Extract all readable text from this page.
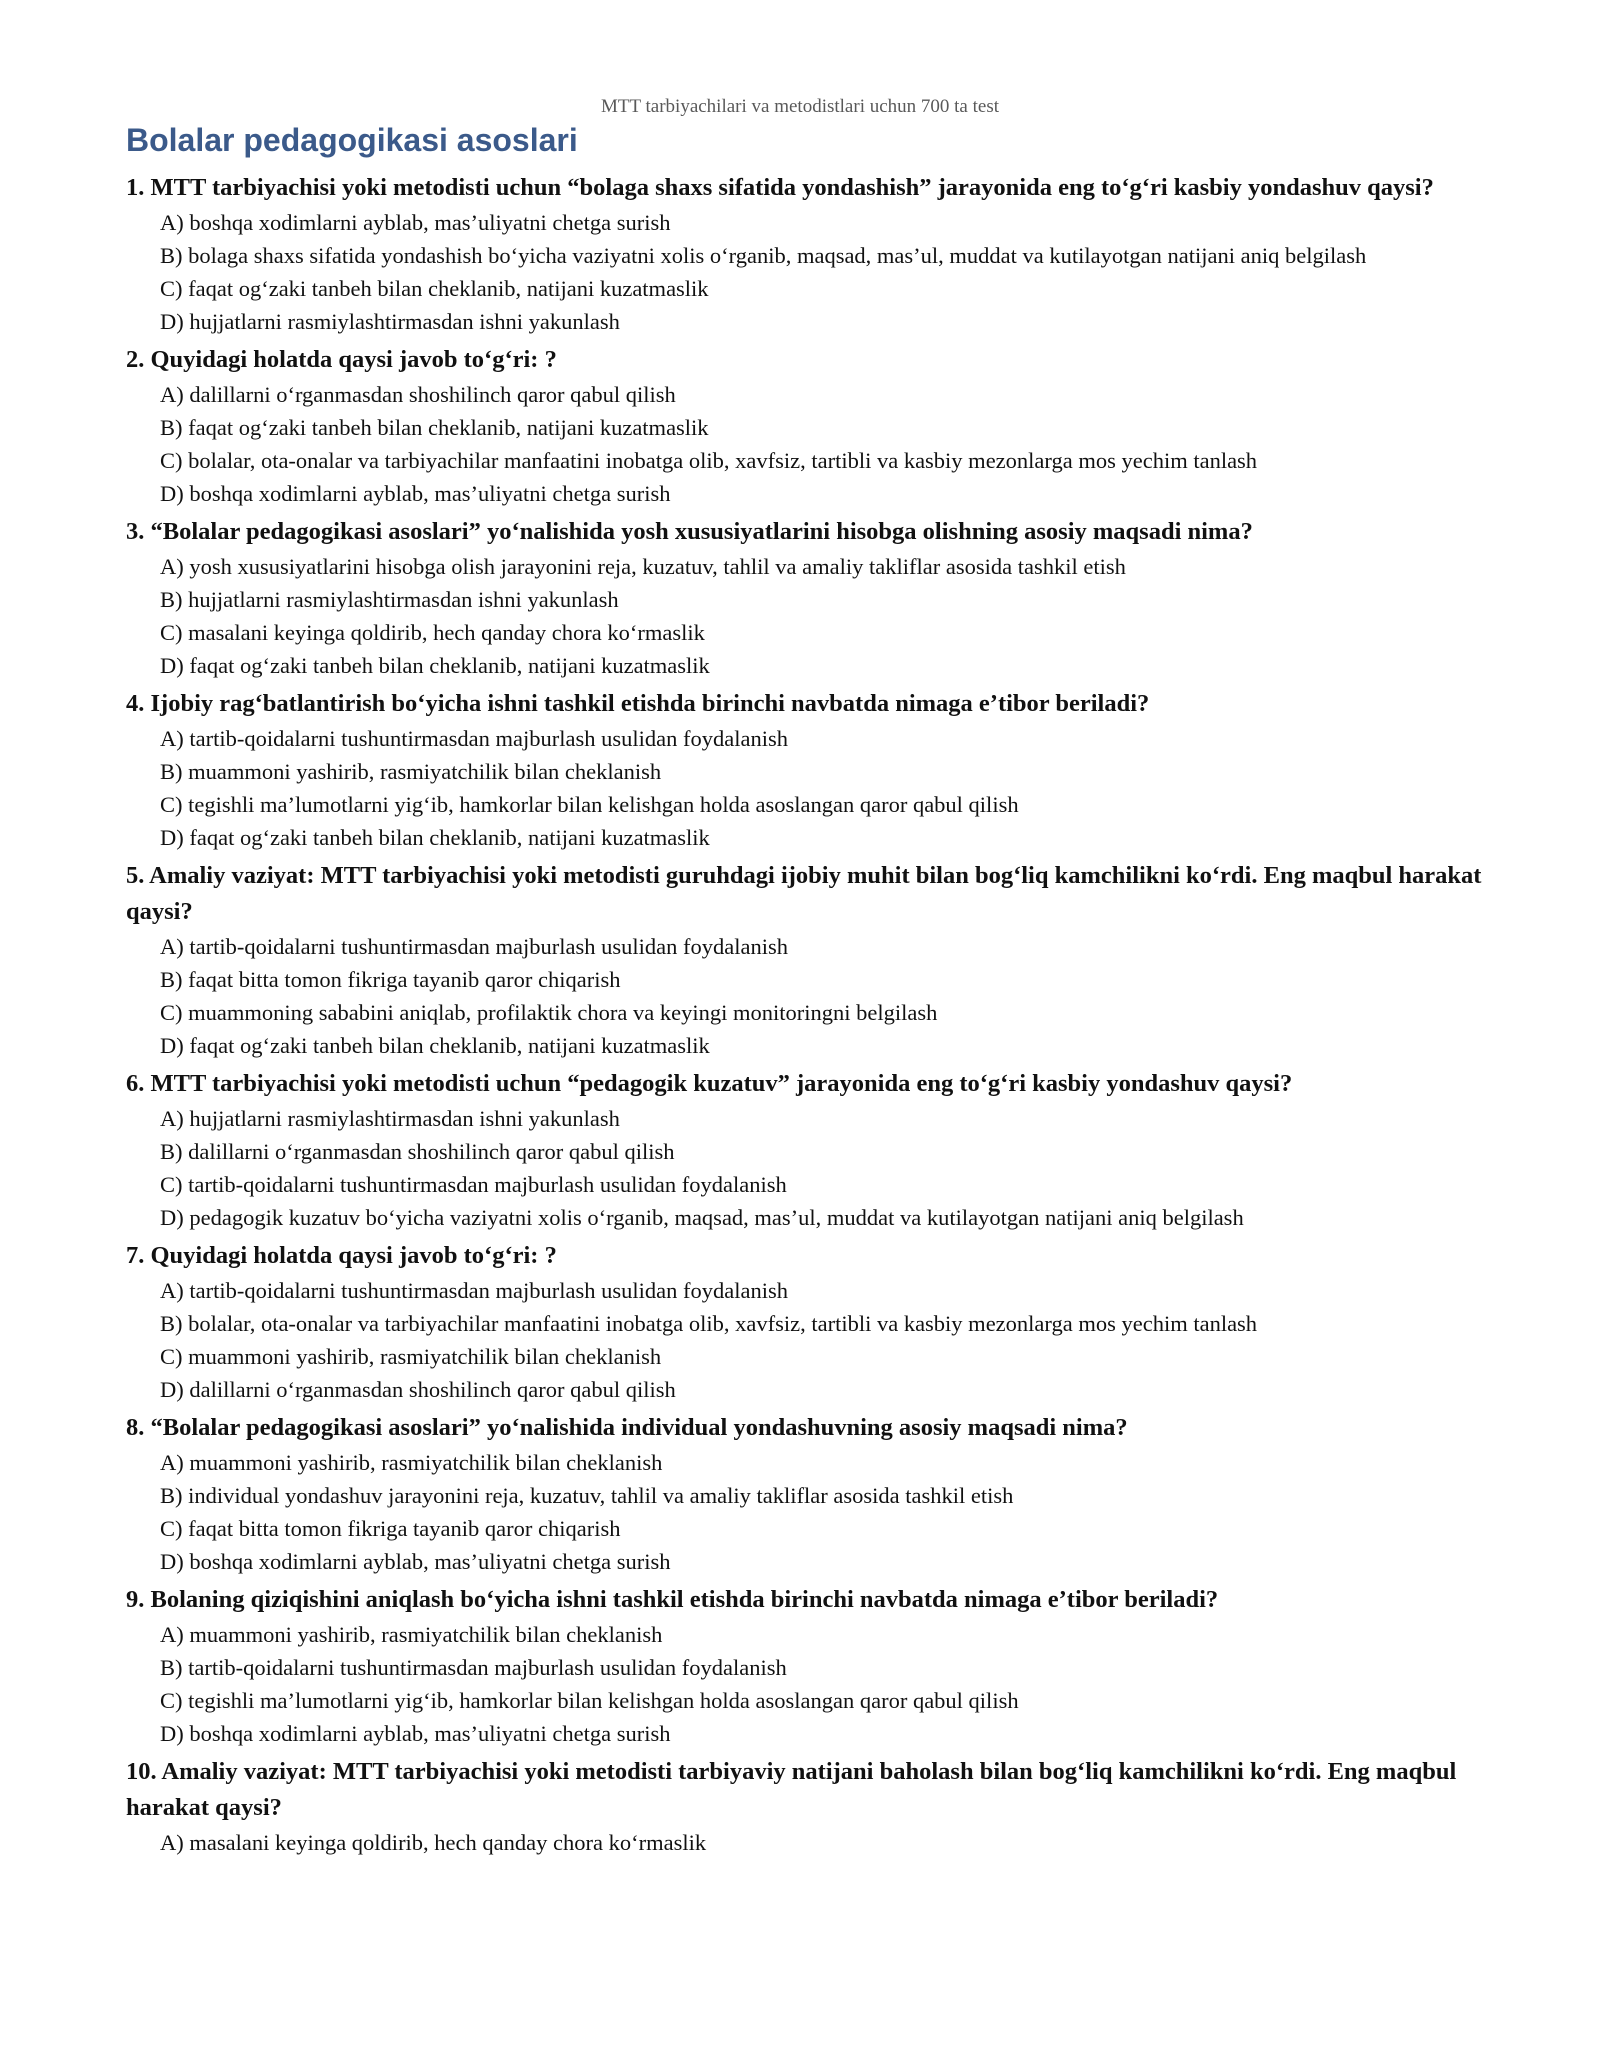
MTT tarbiyachilari va metodistlari uchun 700 ta test
Bolalar pedagogikasi asoslari

1. MTT tarbiyachisi yoki metodisti uchun “bolaga shaxs sifatida yondashish” jarayonida eng to‘g‘ri kasbiy yondashuv qaysi?

A) boshqa xodimlarni ayblab, mas’uliyatni chetga surish
B) bolaga shaxs sifatida yondashish bo‘yicha vaziyatni xolis o‘rganib, maqsad, mas’ul, muddat va kutilayotgan natijani aniq belgilash
C) faqat og‘zaki tanbeh bilan cheklanib, natijani kuzatmaslik
D) hujjatlarni rasmiylashtirmasdan ishni yakunlash

2. Quyidagi holatda qaysi javob to‘g‘ri: ?

A) dalillarni o‘rganmasdan shoshilinch qaror qabul qilish
B) faqat og‘zaki tanbeh bilan cheklanib, natijani kuzatmaslik
C) bolalar, ota-onalar va tarbiyachilar manfaatini inobatga olib, xavfsiz, tartibli va kasbiy mezonlarga mos yechim tanlash
D) boshqa xodimlarni ayblab, mas’uliyatni chetga surish

3. “Bolalar pedagogikasi asoslari” yo‘nalishida yosh xususiyatlarini hisobga olishning asosiy maqsadi nima?

A) yosh xususiyatlarini hisobga olish jarayonini reja, kuzatuv, tahlil va amaliy takliflar asosida tashkil etish
B) hujjatlarni rasmiylashtirmasdan ishni yakunlash
C) masalani keyinga qoldirib, hech qanday chora ko‘rmaslik
D) faqat og‘zaki tanbeh bilan cheklanib, natijani kuzatmaslik

4. Ijobiy rag‘batlantirish bo‘yicha ishni tashkil etishda birinchi navbatda nimaga e’tibor beriladi?

A) tartib-qoidalarni tushuntirmasdan majburlash usulidan foydalanish
B) muammoni yashirib, rasmiyatchilik bilan cheklanish
C) tegishli ma’lumotlarni yig‘ib, hamkorlar bilan kelishgan holda asoslangan qaror qabul qilish
D) faqat og‘zaki tanbeh bilan cheklanib, natijani kuzatmaslik

5. Amaliy vaziyat: MTT tarbiyachisi yoki metodisti guruhdagi ijobiy muhit bilan bog‘liq kamchilikni ko‘rdi. Eng maqbul harakat qaysi?

A) tartib-qoidalarni tushuntirmasdan majburlash usulidan foydalanish
B) faqat bitta tomon fikriga tayanib qaror chiqarish
C) muammoning sababini aniqlab, profilaktik chora va keyingi monitoringni belgilash
D) faqat og‘zaki tanbeh bilan cheklanib, natijani kuzatmaslik

6. MTT tarbiyachisi yoki metodisti uchun “pedagogik kuzatuv” jarayonida eng to‘g‘ri kasbiy yondashuv qaysi?

A) hujjatlarni rasmiylashtirmasdan ishni yakunlash
B) dalillarni o‘rganmasdan shoshilinch qaror qabul qilish
C) tartib-qoidalarni tushuntirmasdan majburlash usulidan foydalanish
D) pedagogik kuzatuv bo‘yicha vaziyatni xolis o‘rganib, maqsad, mas’ul, muddat va kutilayotgan natijani aniq belgilash

7. Quyidagi holatda qaysi javob to‘g‘ri: ?

A) tartib-qoidalarni tushuntirmasdan majburlash usulidan foydalanish
B) bolalar, ota-onalar va tarbiyachilar manfaatini inobatga olib, xavfsiz, tartibli va kasbiy mezonlarga mos yechim tanlash
C) muammoni yashirib, rasmiyatchilik bilan cheklanish
D) dalillarni o‘rganmasdan shoshilinch qaror qabul qilish

8. “Bolalar pedagogikasi asoslari” yo‘nalishida individual yondashuvning asosiy maqsadi nima?

A) muammoni yashirib, rasmiyatchilik bilan cheklanish
B) individual yondashuv jarayonini reja, kuzatuv, tahlil va amaliy takliflar asosida tashkil etish
C) faqat bitta tomon fikriga tayanib qaror chiqarish
D) boshqa xodimlarni ayblab, mas’uliyatni chetga surish

9. Bolaning qiziqishini aniqlash bo‘yicha ishni tashkil etishda birinchi navbatda nimaga e’tibor beriladi?

A) muammoni yashirib, rasmiyatchilik bilan cheklanish
B) tartib-qoidalarni tushuntirmasdan majburlash usulidan foydalanish
C) tegishli ma’lumotlarni yig‘ib, hamkorlar bilan kelishgan holda asoslangan qaror qabul qilish
D) boshqa xodimlarni ayblab, mas’uliyatni chetga surish

10. Amaliy vaziyat: MTT tarbiyachisi yoki metodisti tarbiyaviy natijani baholash bilan bog‘liq kamchilikni ko‘rdi. Eng maqbul harakat qaysi?

A) masalani keyinga qoldirib, hech qanday chora ko‘rmaslik
